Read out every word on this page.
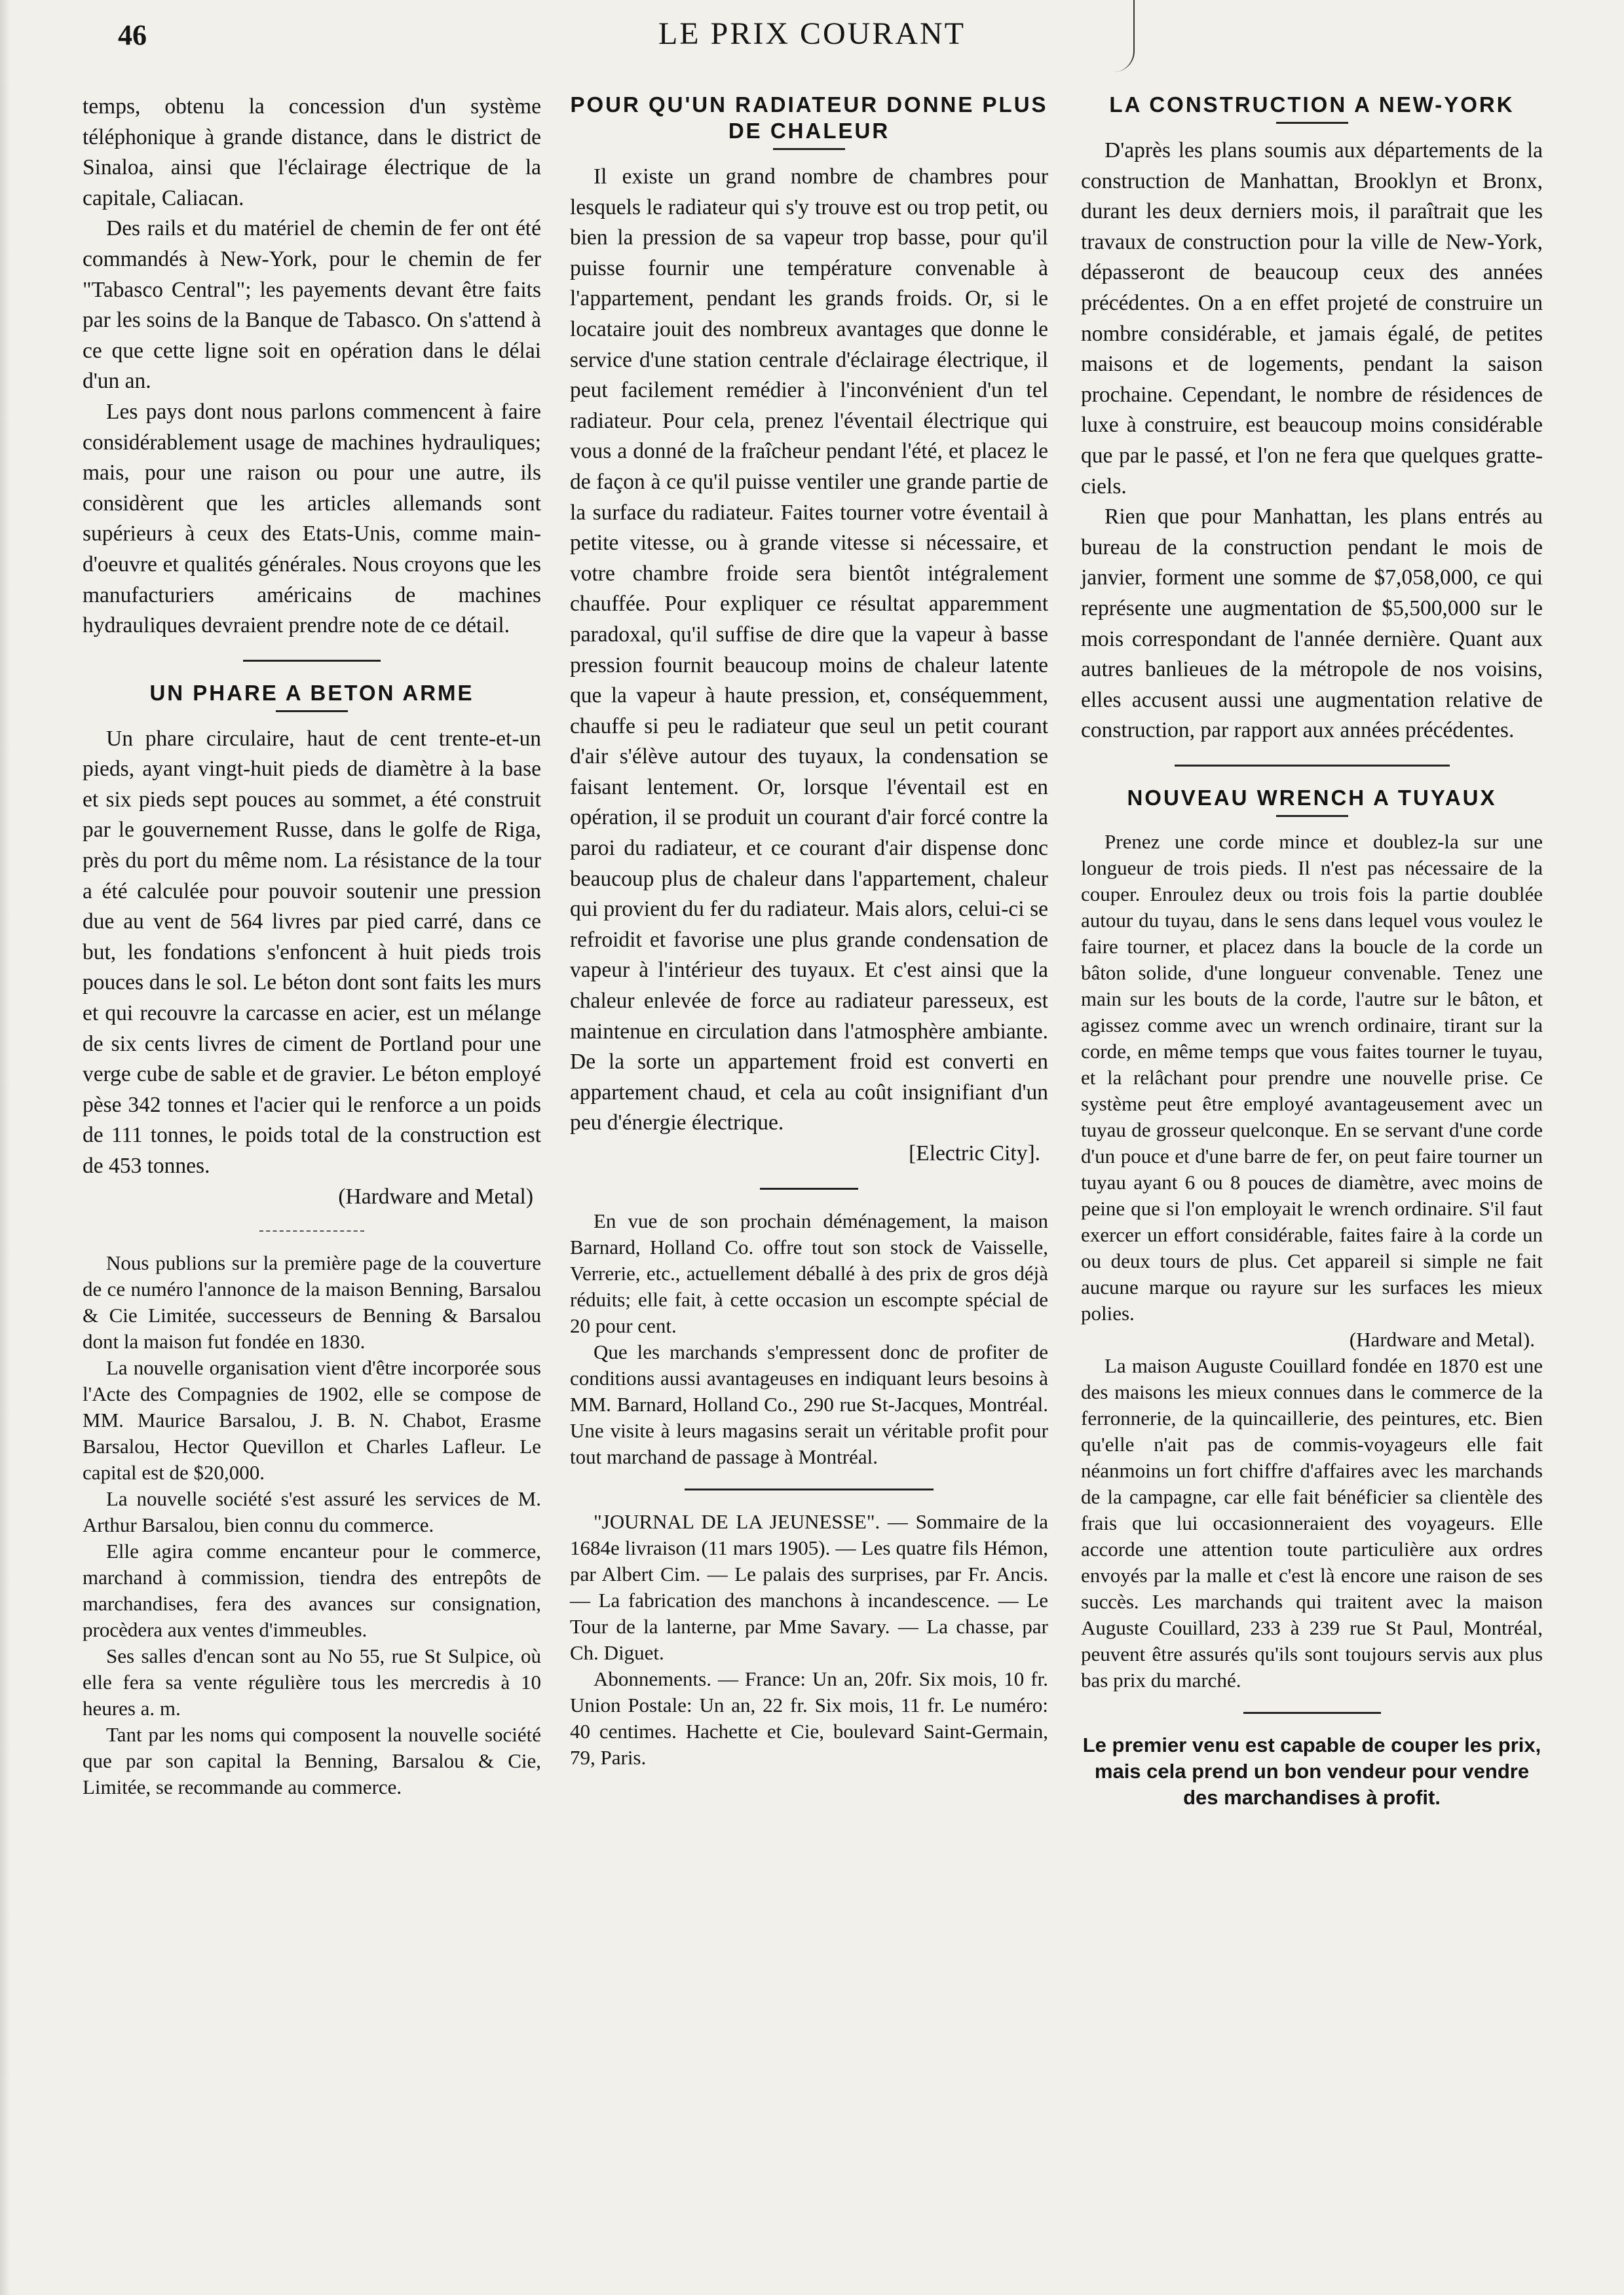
46	LE PRIX COURANT

temps, obtenu la concession d'un système téléphonique à grande distance, dans le district de Sinaloa, ainsi que l'éclairage électrique de la capitale, Caliacan.

Des rails et du matériel de chemin de fer ont été commandés à New-York, pour le chemin de fer "Tabasco Central"; les payements devant être faits par les soins de la Banque de Tabasco. On s'attend à ce que cette ligne soit en opération dans le délai d'un an.

Les pays dont nous parlons commencent à faire considérablement usage de machines hydrauliques; mais, pour une raison ou pour une autre, ils considèrent que les articles allemands sont supérieurs à ceux des Etats-Unis, comme main-d'oeuvre et qualités générales. Nous croyons que les manufacturiers américains de machines hydrauliques devraient prendre note de ce détail.

UN PHARE A BETON ARME

Un phare circulaire, haut de cent trente-et-un pieds, ayant vingt-huit pieds de diamètre à la base et six pieds sept pouces au sommet, a été construit par le gouvernement Russe, dans le golfe de Riga, près du port du même nom. La résistance de la tour a été calculée pour pouvoir soutenir une pression due au vent de 564 livres par pied carré, dans ce but, les fondations s'enfoncent à huit pieds trois pouces dans le sol. Le béton dont sont faits les murs et qui recouvre la carcasse en acier, est un mélange de six cents livres de ciment de Portland pour une verge cube de sable et de gravier. Le béton employé pèse 342 tonnes et l'acier qui le renforce a un poids de 111 tonnes, le poids total de la construction est de 453 tonnes.

(Hardware and Metal)

Nous publions sur la première page de la couverture de ce numéro l'annonce de la maison Benning, Barsalou & Cie Limitée, successeurs de Benning & Barsalou dont la maison fut fondée en 1830.

La nouvelle organisation vient d'être incorporée sous l'Acte des Compagnies de 1902, elle se compose de MM. Maurice Barsalou, J. B. N. Chabot, Erasme Barsalou, Hector Quevillon et Charles Lafleur. Le capital est de $20,000.

La nouvelle société s'est assuré les services de M. Arthur Barsalou, bien connu du commerce.

Elle agira comme encanteur pour le commerce, marchand à commission, tiendra des entrepôts de marchandises, fera des avances sur consignation, procèdera aux ventes d'immeubles.

Ses salles d'encan sont au No 55, rue St Sulpice, où elle fera sa vente régulière tous les mercredis à 10 heures a. m.

Tant par les noms qui composent la nouvelle société que par son capital la Benning, Barsalou & Cie, Limitée, se recommande au commerce.

POUR QU'UN RADIATEUR DONNE PLUS DE CHALEUR

Il existe un grand nombre de chambres pour lesquels le radiateur qui s'y trouve est ou trop petit, ou bien la pression de sa vapeur trop basse, pour qu'il puisse fournir une température convenable à l'appartement, pendant les grands froids. Or, si le locataire jouit des nombreux avantages que donne le service d'une station centrale d'éclairage électrique, il peut facilement remédier à l'inconvénient d'un tel radiateur. Pour cela, prenez l'éventail électrique qui vous a donné de la fraîcheur pendant l'été, et placez le de façon à ce qu'il puisse ventiler une grande partie de la surface du radiateur. Faites tourner votre éventail à petite vitesse, ou à grande vitesse si nécessaire, et votre chambre froide sera bientôt intégralement chauffée. Pour expliquer ce résultat apparemment paradoxal, qu'il suffise de dire que la vapeur à basse pression fournit beaucoup moins de chaleur latente que la vapeur à haute pression, et, conséquemment, chauffe si peu le radiateur que seul un petit courant d'air s'élève autour des tuyaux, la condensation se faisant lentement. Or, lorsque l'éventail est en opération, il se produit un courant d'air forcé contre la paroi du radiateur, et ce courant d'air dispense donc beaucoup plus de chaleur dans l'appartement, chaleur qui provient du fer du radiateur. Mais alors, celui-ci se refroidit et favorise une plus grande condensation de vapeur à l'intérieur des tuyaux. Et c'est ainsi que la chaleur enlevée de force au radiateur paresseux, est maintenue en circulation dans l'atmosphère ambiante. De la sorte un appartement froid est converti en appartement chaud, et cela au coût insignifiant d'un peu d'énergie électrique.

[Electric City].

En vue de son prochain déménagement, la maison Barnard, Holland Co. offre tout son stock de Vaisselle, Verrerie, etc., actuellement déballé à des prix de gros déjà réduits; elle fait, à cette occasion un escompte spécial de 20 pour cent.

Que les marchands s'empressent donc de profiter de conditions aussi avantageuses en indiquant leurs besoins à MM. Barnard, Holland Co., 290 rue St-Jacques, Montréal. Une visite à leurs magasins serait un véritable profit pour tout marchand de passage à Montréal.

"JOURNAL DE LA JEUNESSE". — Sommaire de la 1684e livraison (11 mars 1905). — Les quatre fils Hémon, par Albert Cim. — Le palais des surprises, par Fr. Ancis. — La fabrication des manchons à incandescence. — Le Tour de la lanterne, par Mme Savary. — La chasse, par Ch. Diguet.

Abonnements. — France: Un an, 20fr. Six mois, 10 fr. Union Postale: Un an, 22 fr. Six mois, 11 fr. Le numéro: 40 centimes. Hachette et Cie, boulevard Saint-Germain, 79, Paris.

LA CONSTRUCTION A NEW-YORK

D'après les plans soumis aux départements de la construction de Manhattan, Brooklyn et Bronx, durant les deux derniers mois, il paraîtrait que les travaux de construction pour la ville de New-York, dépasseront de beaucoup ceux des années précédentes. On a en effet projeté de construire un nombre considérable, et jamais égalé, de petites maisons et de logements, pendant la saison prochaine. Cependant, le nombre de résidences de luxe à construire, est beaucoup moins considérable que par le passé, et l'on ne fera que quelques gratte-ciels.

Rien que pour Manhattan, les plans entrés au bureau de la construction pendant le mois de janvier, forment une somme de $7,058,000, ce qui représente une augmentation de $5,500,000 sur le mois correspondant de l'année dernière. Quant aux autres banlieues de la métropole de nos voisins, elles accusent aussi une augmentation relative de construction, par rapport aux années précédentes.

NOUVEAU WRENCH A TUYAUX

Prenez une corde mince et doublez-la sur une longueur de trois pieds. Il n'est pas nécessaire de la couper. Enroulez deux ou trois fois la partie doublée autour du tuyau, dans le sens dans lequel vous voulez le faire tourner, et placez dans la boucle de la corde un bâton solide, d'une longueur convenable. Tenez une main sur les bouts de la corde, l'autre sur le bâton, et agissez comme avec un wrench ordinaire, tirant sur la corde, en même temps que vous faites tourner le tuyau, et la relâchant pour prendre une nouvelle prise. Ce système peut être employé avantageusement avec un tuyau de grosseur quelconque. En se servant d'une corde d'un pouce et d'une barre de fer, on peut faire tourner un tuyau ayant 6 ou 8 pouces de diamètre, avec moins de peine que si l'on employait le wrench ordinaire. S'il faut exercer un effort considérable, faites faire à la corde un ou deux tours de plus. Cet appareil si simple ne fait aucune marque ou rayure sur les surfaces les mieux polies.

(Hardware and Metal).

La maison Auguste Couillard fondée en 1870 est une des maisons les mieux connues dans le commerce de la ferronnerie, de la quincaillerie, des peintures, etc. Bien qu'elle n'ait pas de commis-voyageurs elle fait néanmoins un fort chiffre d'affaires avec les marchands de la campagne, car elle fait bénéficier sa clientèle des frais que lui occasionneraient des voyageurs. Elle accorde une attention toute particulière aux ordres envoyés par la malle et c'est là encore une raison de ses succès. Les marchands qui traitent avec la maison Auguste Couillard, 233 à 239 rue St Paul, Montréal, peuvent être assurés qu'ils sont toujours servis aux plus bas prix du marché.

Le premier venu est capable de couper les prix, mais cela prend un bon vendeur pour vendre des marchandises à profit.
